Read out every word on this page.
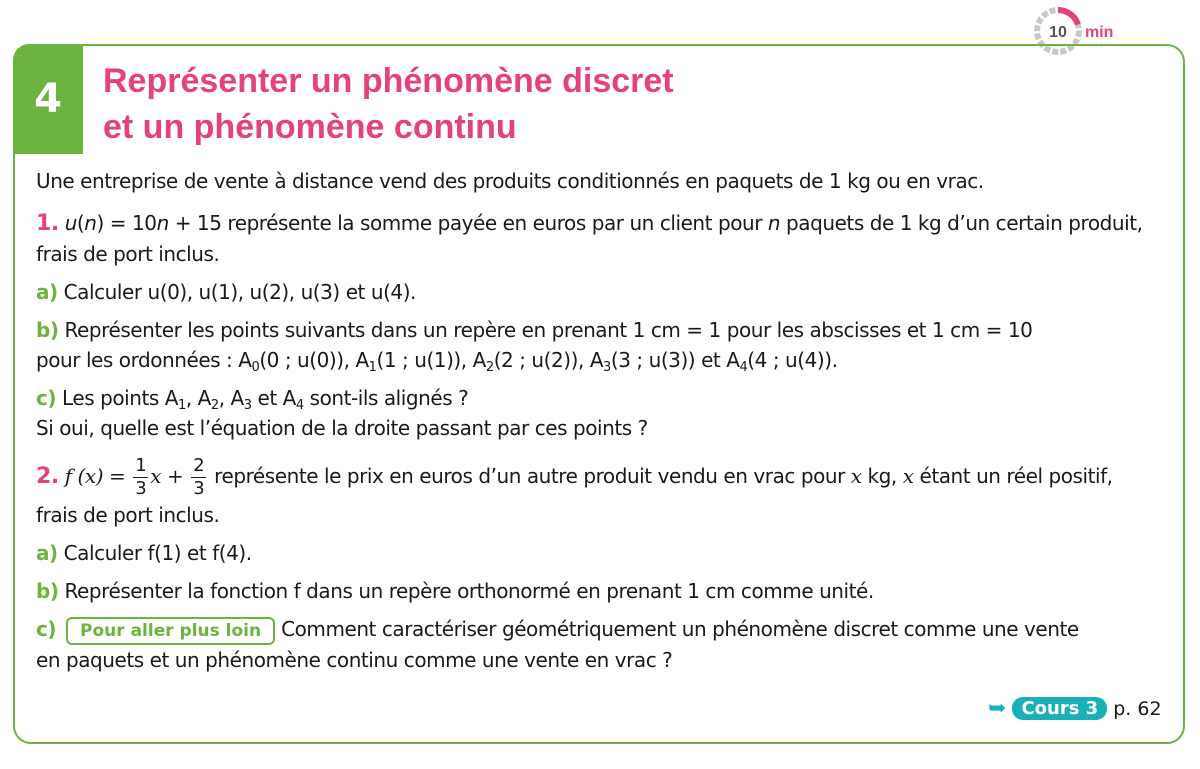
10 min
4	Représenter un phénomène discret
et un phénomène continu

Une entreprise de vente à distance vend des produits conditionnés en paquets de 1 kg ou en vrac.

1. u(n) = 10n + 15 représente la somme payée en euros par un client pour n paquets de 1 kg d’un certain produit, frais de port inclus.

a) Calculer u(0), u(1), u(2), u(3) et u(4).

b) Représenter les points suivants dans un repère en prenant 1 cm = 1 pour les abscisses et 1 cm = 10
pour les ordonnées : $A_0(0$ ; u(0)), $A_1(1$ ; u(1)), $A_2(2$ ; u(2)), $A_3(3$ ; u(3)) et $A_4(4$ ; u(4)).

c) Les points $A_1$, $A_2$, $A_3$ et $A_4$ sont-ils alignés ?
Si oui, quelle est l’équation de la droite passant par ces points ?

2. f $(x) = \frac{1}{3}$ $x + \frac{2}{3}$ représente le prix en euros d’un autre produit vendu en vrac pour x kg, x étant un réel positif,
frais de port inclus.

a) Calculer f(1) et f(4).

b) Représenter la fonction f dans un repère orthonormé en prenant 1 cm comme unité.

c) Pour aller plus loin Comment caractériser géométriquement un phénomène discret comme une vente
en paquets et un phénomène continu comme une vente en vrac ?

➥ Cours 3 p. 62
